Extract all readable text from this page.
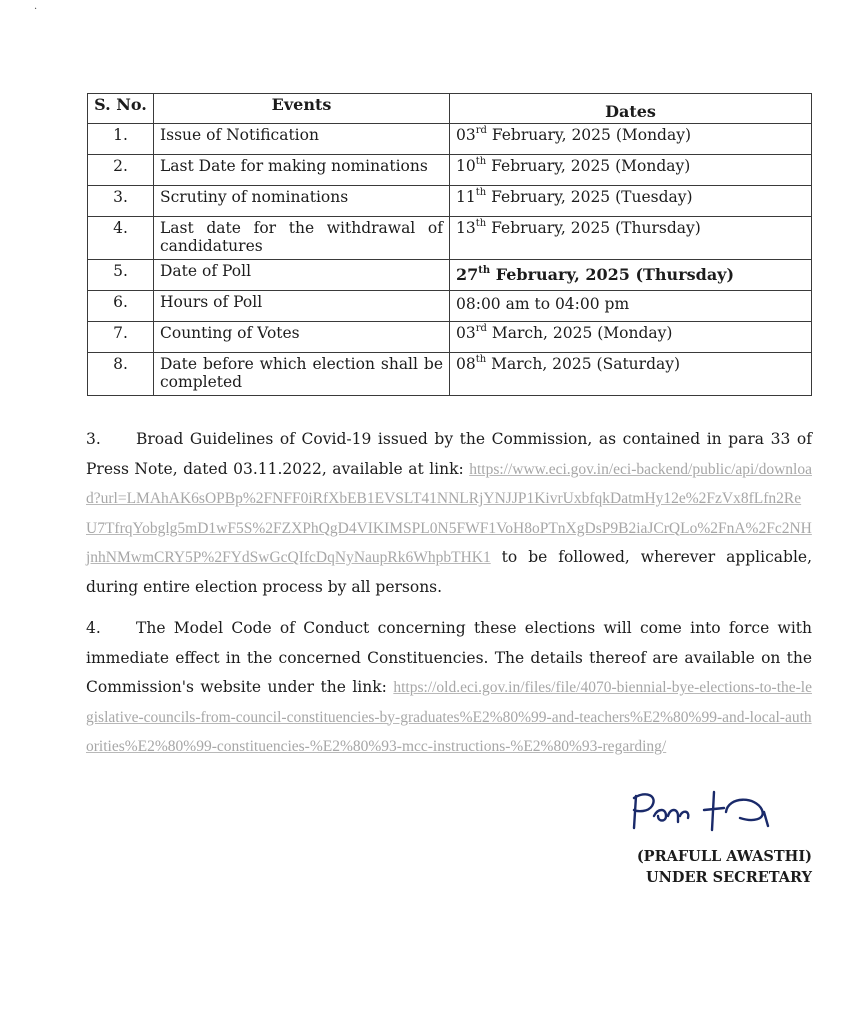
·
S. No.	Events	Dates
1.	Issue of Notification	03rd February, 2025 (Monday)
2.	Last Date for making nominations	10th February, 2025 (Monday)
3.	Scrutiny of nominations	11th February, 2025 (Tuesday)
4.	Last date for the withdrawal of candidatures	13th February, 2025 (Thursday)
5.	Date of Poll	27th February, 2025 (Thursday)
6.	Hours of Poll	08:00 am to 04:00 pm
7.	Counting of Votes	03rd March, 2025 (Monday)
8.	Date before which election shall be completed	08th March, 2025 (Saturday)
3. Broad Guidelines of Covid-19 issued by the Commission, as contained in para 33 of Press Note, dated 03.11.2022, available at link: https://www.eci.gov.in/eci-backend/public/api/download?url=LMAhAK6sOPBp%2FNFF0iRfXbEB1EVSLT41NNLRjYNJJP1KivrUxbfqkDatmHy12e%2FzVx8fLfn2ReU7TfrqYobglg5mD1wF5S%2FZXPhQgD4VIKIMSPL0N5FWF1VoH8oPTnXgDsP9B2iaJCrQLo%2FnA%2Fc2NHjnhNMwmCRY5P%2FYdSwGcQIfcDqNyNaupRk6WhpbTHK1 to be followed, wherever applicable, during entire election process by all persons.
4. The Model Code of Conduct concerning these elections will come into force with immediate effect in the concerned Constituencies. The details thereof are available on the Commission's website under the link: https://old.eci.gov.in/files/file/4070-biennial-bye-elections-to-the-legislative-councils-from-council-constituencies-by-graduates%E2%80%99-and-teachers%E2%80%99-and-local-authorities%E2%80%99-constituencies-%E2%80%93-mcc-instructions-%E2%80%93-regarding/
(PRAFULL AWASTHI)
UNDER SECRETARY
